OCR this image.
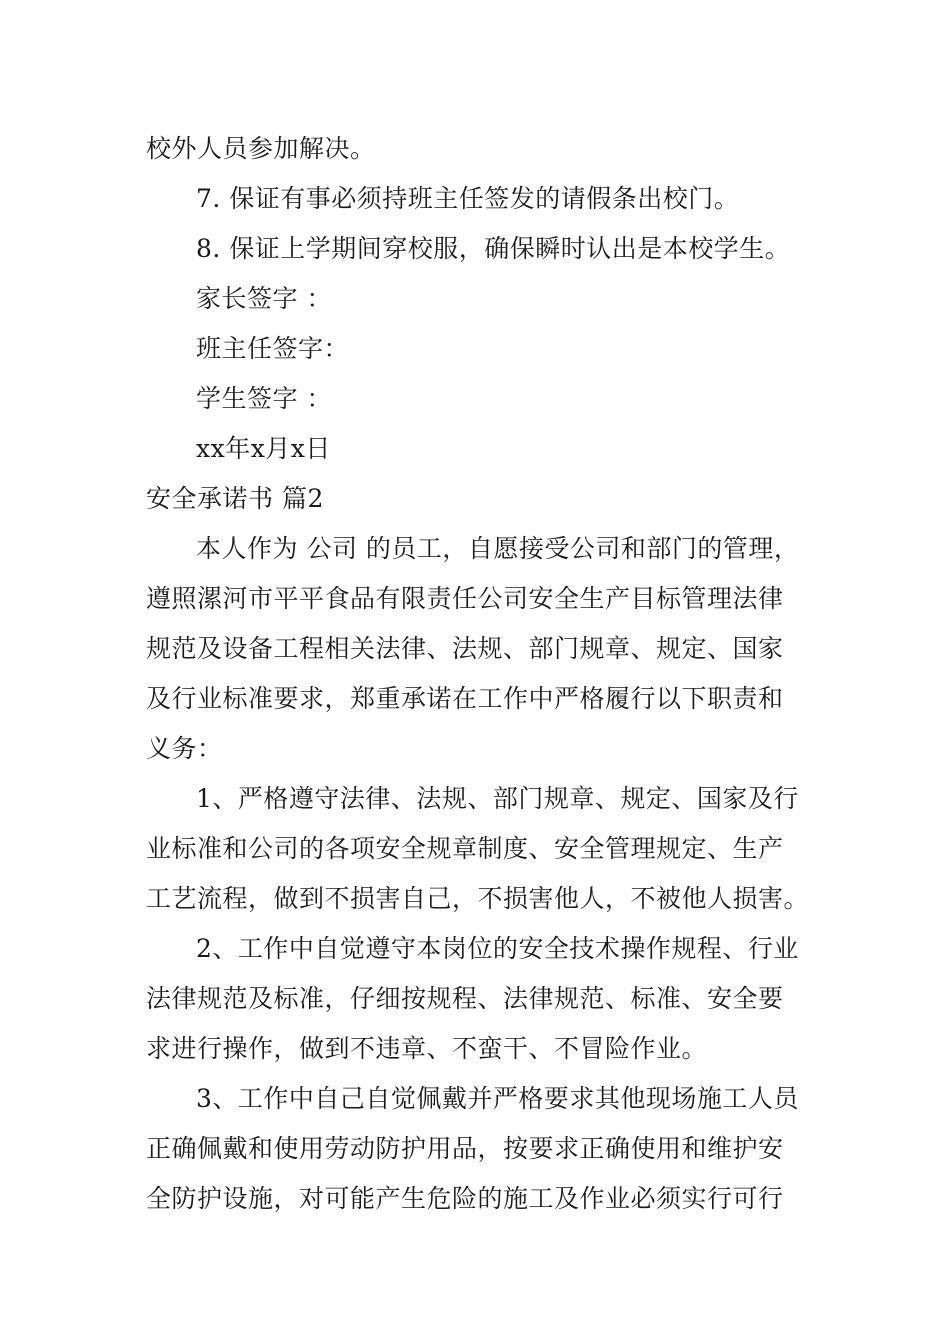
校外人员参加解决。
7. 保证有事必须持班主任签发的请假条出校门。
8. 保证上学期间穿校服，确保瞬时认出是本校学生。
家长签字 ：
班主任签字：
学生签字 ：
xx年x月x日
安全承诺书 篇2
本人作为 公司 的员工，自愿接受公司和部门的管理，
遵照漯河市平平食品有限责任公司安全生产目标管理法律
规范及设备工程相关法律、法规、部门规章、规定、国家
及行业标准要求，郑重承诺在工作中严格履行以下职责和
义务：
1、严格遵守法律、法规、部门规章、规定、国家及行
业标准和公司的各项安全规章制度、安全管理规定、生产
工艺流程，做到不损害自己，不损害他人，不被他人损害。
2、工作中自觉遵守本岗位的安全技术操作规程、行业
法律规范及标准，仔细按规程、法律规范、标准、安全要
求进行操作，做到不违章、不蛮干、不冒险作业。
3、工作中自己自觉佩戴并严格要求其他现场施工人员
正确佩戴和使用劳动防护用品，按要求正确使用和维护安
全防护设施，对可能产生危险的施工及作业必须实行可行
